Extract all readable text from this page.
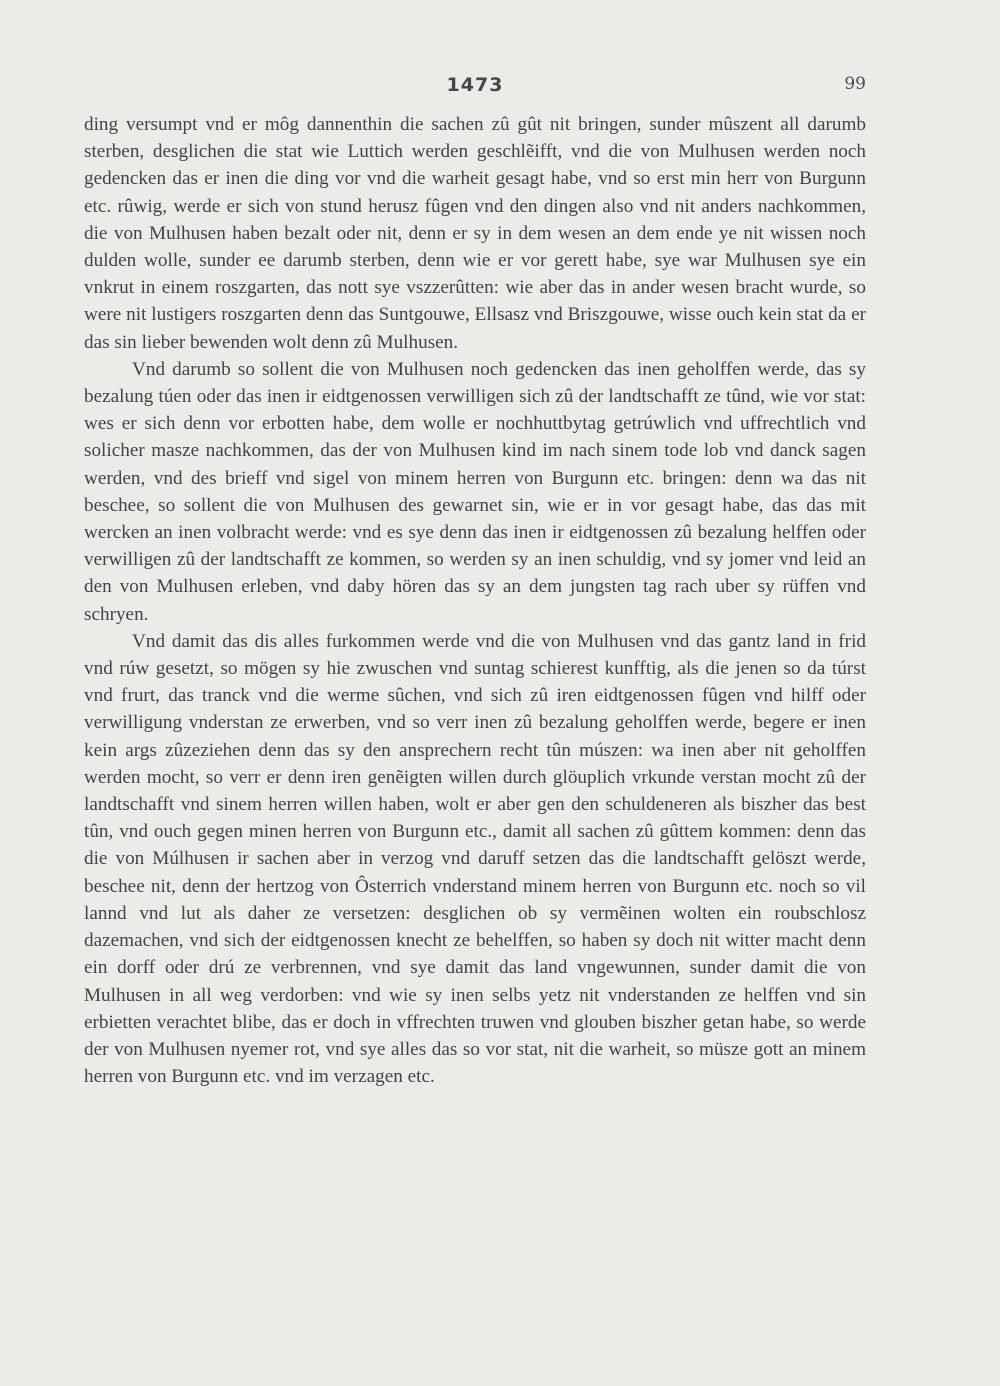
1473	99

ding versumpt vnd er môg dannenthin die sachen zû gût nit bringen, sunder mûszent all darumb sterben, desglichen die stat wie Luttich werden geschlẽifft, vnd die von Mulhusen werden noch gedencken das er inen die ding vor vnd die warheit gesagt habe, vnd so erst min herr von Burgunn etc. rûwig, werde er sich von stund herusz fûgen vnd den dingen also vnd nit anders nachkommen, die von Mulhusen haben bezalt oder nit, denn er sy in dem wesen an dem ende ye nit wissen noch dulden wolle, sunder ee darumb sterben, denn wie er vor gerett habe, sye war Mulhusen sye ein vnkrut in einem roszgarten, das nott sye vszzerûtten: wie aber das in ander wesen bracht wurde, so were nit lustigers roszgarten denn das Suntgouwe, Ellsasz vnd Briszgouwe, wisse ouch kein stat da er das sin lieber bewenden wolt denn zû Mulhusen.

Vnd darumb so sollent die von Mulhusen noch gedencken das inen geholffen werde, das sy bezalung túen oder das inen ir eidtgenossen verwilligen sich zû der landtschafft ze tûnd, wie vor stat: wes er sich denn vor erbotten habe, dem wolle er nochhuttbytag getrúwlich vnd uffrechtlich vnd solicher masze nachkommen, das der von Mulhusen kind im nach sinem tode lob vnd danck sagen werden, vnd des brieff vnd sigel von minem herren von Burgunn etc. bringen: denn wa das nit beschee, so sollent die von Mulhusen des gewarnet sin, wie er in vor gesagt habe, das das mit wercken an inen volbracht werde: vnd es sye denn das inen ir eidtgenossen zû bezalung helffen oder verwilligen zû der landtschafft ze kommen, so werden sy an inen schuldig, vnd sy jomer vnd leid an den von Mulhusen erleben, vnd daby hören das sy an dem jungsten tag rach uber sy rüffen vnd schryen.

Vnd damit das dis alles furkommen werde vnd die von Mulhusen vnd das gantz land in frid vnd rúw gesetzt, so mögen sy hie zwuschen vnd suntag schierest kunfftig, als die jenen so da túrst vnd frurt, das tranck vnd die werme sûchen, vnd sich zû iren eidtgenossen fûgen vnd hilff oder verwilligung vnderstan ze erwerben, vnd so verr inen zû bezalung geholffen werde, begere er inen kein args zûzeziehen denn das sy den ansprechern recht tûn múszen: wa inen aber nit geholffen werden mocht, so verr er denn iren genẽigten willen durch glöuplich vrkunde verstan mocht zû der landtschafft vnd sinem herren willen haben, wolt er aber gen den schuldeneren als biszher das best tûn, vnd ouch gegen minen herren von Burgunn etc., damit all sachen zû gûttem kommen: denn das die von Múlhusen ir sachen aber in verzog vnd daruff setzen das die landtschafft gelöszt werde, beschee nit, denn der hertzog von Ôsterrich vnderstand minem herren von Burgunn etc. noch so vil lannd vnd lut als daher ze versetzen: desglichen ob sy vermẽinen wolten ein roubschlosz dazemachen, vnd sich der eidtgenossen knecht ze behelffen, so haben sy doch nit witter macht denn ein dorff oder drú ze verbrennen, vnd sye damit das land vngewunnen, sunder damit die von Mulhusen in all weg verdorben: vnd wie sy inen selbs yetz nit vnderstanden ze helffen vnd sin erbietten verachtet blibe, das er doch in vffrechten truwen vnd glouben biszher getan habe, so werde der von Mulhusen nyemer rot, vnd sye alles das so vor stat, nit die warheit, so müsze gott an minem herren von Burgunn etc. vnd im verzagen etc.
